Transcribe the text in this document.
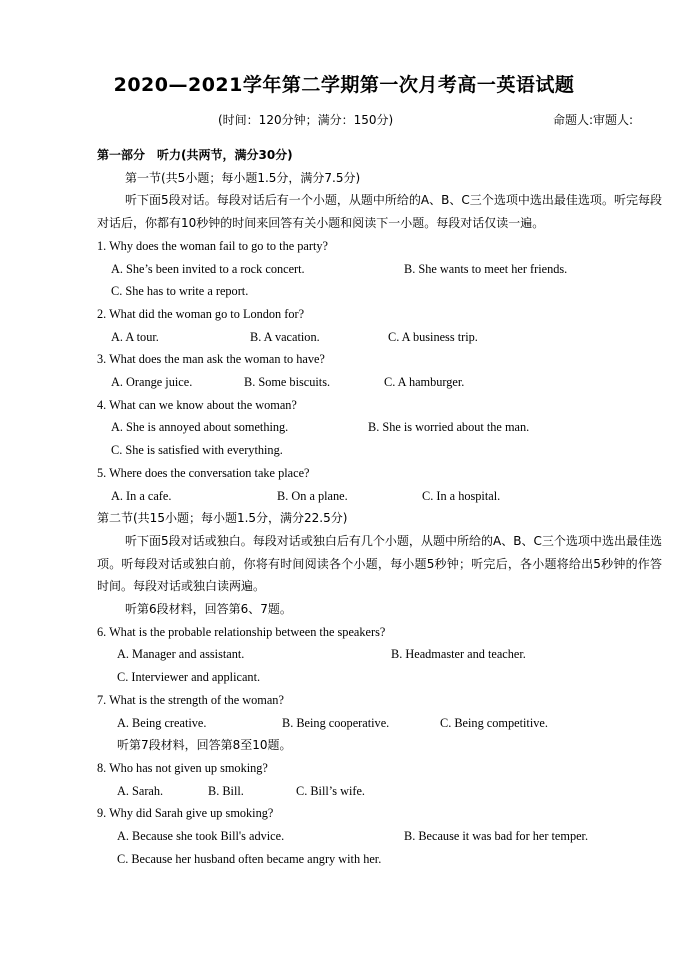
2020—2021学年第二学期第一次月考高一英语试题
(时间：120分钟；满分：150分)	命题人:审题人:
第一部分　听力(共两节，满分30分)
第一节(共5小题；每小题1.5分，满分7.5分)
听下面5段对话。每段对话后有一个小题，从题中所给的A、B、C三个选项中选出最佳选项。听完每段对话后，你都有10秒钟的时间来回答有关小题和阅读下一小题。每段对话仅读一遍。
1. Why does the woman fail to go to the party?
A. She’s been invited to a rock concert.	B. She wants to meet her friends.
C. She has to write a report.
2. What did the woman go to London for?
A. A tour.	B. A vacation.	C. A business trip.
3. What does the man ask the woman to have?
A. Orange juice.	B. Some biscuits.	C. A hamburger.
4. What can we know about the woman?
A. She is annoyed about something.	B. She is worried about the man.
C. She is satisfied with everything.
5. Where does the conversation take place?
A. In a cafe.	B. On a plane.	C. In a hospital.
第二节(共15小题；每小题1.5分，满分22.5分)
听下面5段对话或独白。每段对话或独白后有几个小题，从题中所给的A、B、C三个选项中选出最佳选项。听每段对话或独白前，你将有时间阅读各个小题，每小题5秒钟；听完后，各小题将给出5秒钟的作答时间。每段对话或独白读两遍。
听第6段材料，回答第6、7题。
6. What is the probable relationship between the speakers?
A. Manager and assistant.	B. Headmaster and teacher.
C. Interviewer and applicant.
7. What is the strength of the woman?
A. Being creative.	B. Being cooperative.	C. Being competitive.
听第7段材料，回答第8至10题。
8. Who has not given up smoking?
A. Sarah.	B. Bill.	C. Bill’s wife.
9. Why did Sarah give up smoking?
A. Because she took Bill's advice.	B. Because it was bad for her temper.
C. Because her husband often became angry with her.
